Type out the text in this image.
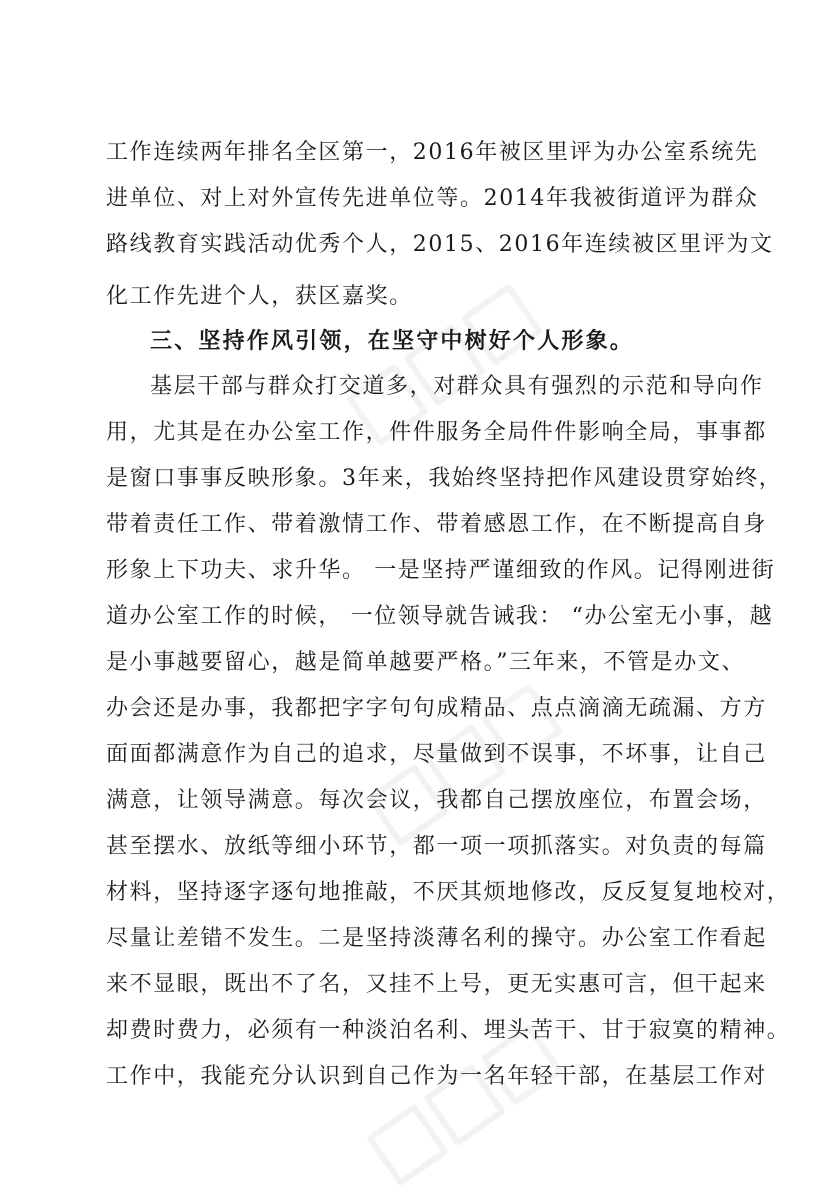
工作连续两年排名全区第一，2016年被区里评为办公室系统先
进单位、对上对外宣传先进单位等。2014年我被街道评为群众
路线教育实践活动优秀个人，2015、2016年连续被区里评为文
化工作先进个人，获区嘉奖。
三、坚持作风引领，在坚守中树好个人形象。
基层干部与群众打交道多，对群众具有强烈的示范和导向作
用，尤其是在办公室工作，件件服务全局件件影响全局，事事都
是窗口事事反映形象。3年来，我始终坚持把作风建设贯穿始终，
带着责任工作、带着激情工作、带着感恩工作，在不断提高自身
形象上下功夫、求升华。 一是坚持严谨细致的作风。记得刚进街
道办公室工作的时候， 一位领导就告诫我： “办公室无小事，越
是小事越要留心，越是简单越要严格。”三年来，不管是办文、
办会还是办事，我都把字字句句成精品、点点滴滴无疏漏、方方
面面都满意作为自己的追求，尽量做到不误事，不坏事，让自己
满意，让领导满意。每次会议，我都自己摆放座位，布置会场，
甚至摆水、放纸等细小环节，都一项一项抓落实。对负责的每篇
材料，坚持逐字逐句地推敲，不厌其烦地修改，反反复复地校对，
尽量让差错不发生。二是坚持淡薄名利的操守。办公室工作看起
来不显眼，既出不了名，又挂不上号，更无实惠可言，但干起来
却费时费力，必须有一种淡泊名利、埋头苦干、甘于寂寞的精神。
工作中，我能充分认识到自己作为一名年轻干部，在基层工作对
